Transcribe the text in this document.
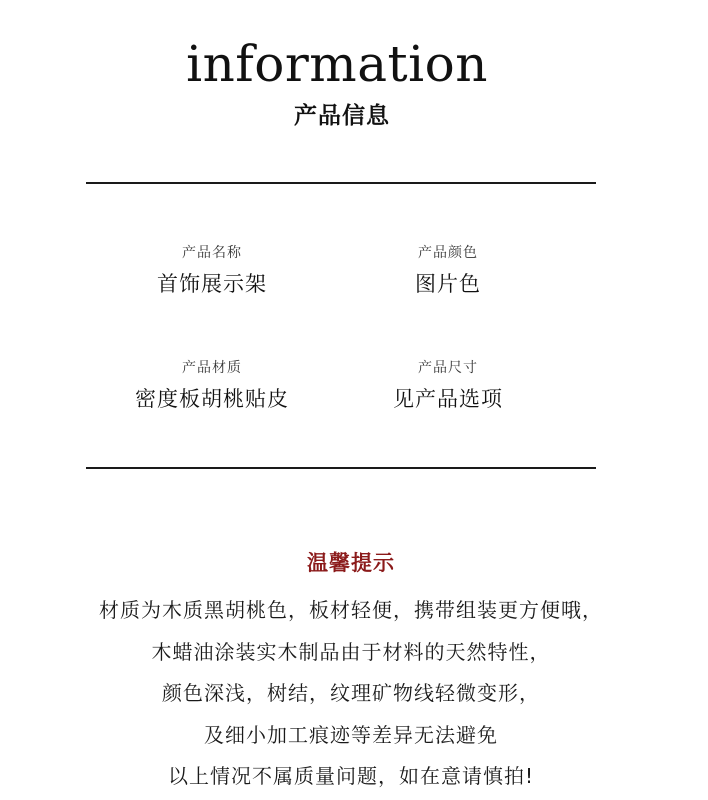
information
产品信息
产品名称
首饰展示架
产品颜色
图片色
产品材质
密度板胡桃贴皮
产品尺寸
见产品选项
温馨提示
材质为木质黑胡桃色，板材轻便，携带组装更方便哦，
木蜡油涂装实木制品由于材料的天然特性，
颜色深浅，树结，纹理矿物线轻微变形，
及细小加工痕迹等差异无法避免
以上情况不属质量问题，如在意请慎拍!
